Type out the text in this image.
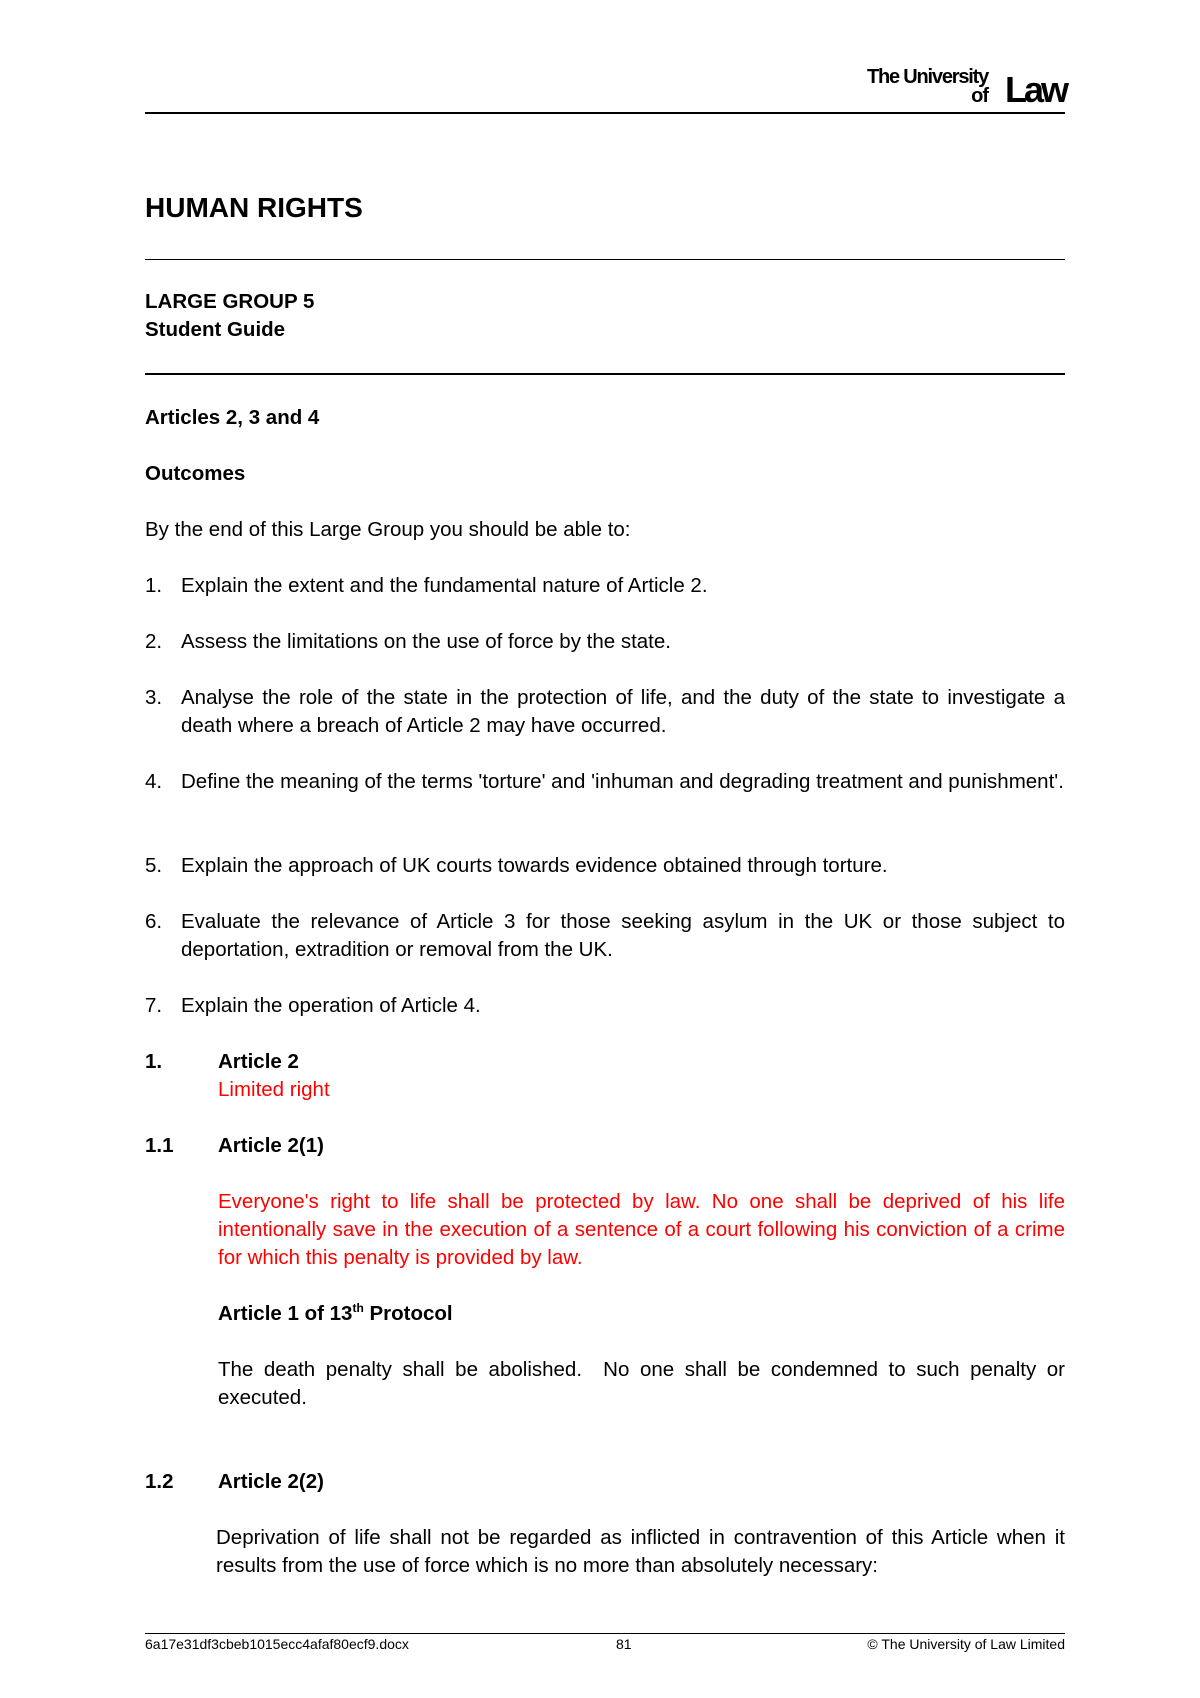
The University
of Law
HUMAN RIGHTS
LARGE GROUP 5
Student Guide
Articles 2, 3 and 4
Outcomes
By the end of this Large Group you should be able to:
1. Explain the extent and the fundamental nature of Article 2.
2. Assess the limitations on the use of force by the state.
3. Analyse the role of the state in the protection of life, and the duty of the state to investigate a death where a breach of Article 2 may have occurred.
4. Define the meaning of the terms 'torture' and 'inhuman and degrading treatment and punishment'.
5. Explain the approach of UK courts towards evidence obtained through torture.
6. Evaluate the relevance of Article 3 for those seeking asylum in the UK or those subject to deportation, extradition or removal from the UK.
7. Explain the operation of Article 4.
1.	Article 2
Limited right
1.1 Article 2(1)
Everyone's right to life shall be protected by law. No one shall be deprived of his life intentionally save in the execution of a sentence of a court following his conviction of a crime for which this penalty is provided by law.
Article 1 of 13th Protocol
The death penalty shall be abolished.  No one shall be condemned to such penalty or executed.
1.2 Article 2(2)
Deprivation of life shall not be regarded as inflicted in contravention of this Article when it results from the use of force which is no more than absolutely necessary:
6a17e31df3cbeb1015ecc4afaf80ecf9.docx	81	© The University of Law Limited
